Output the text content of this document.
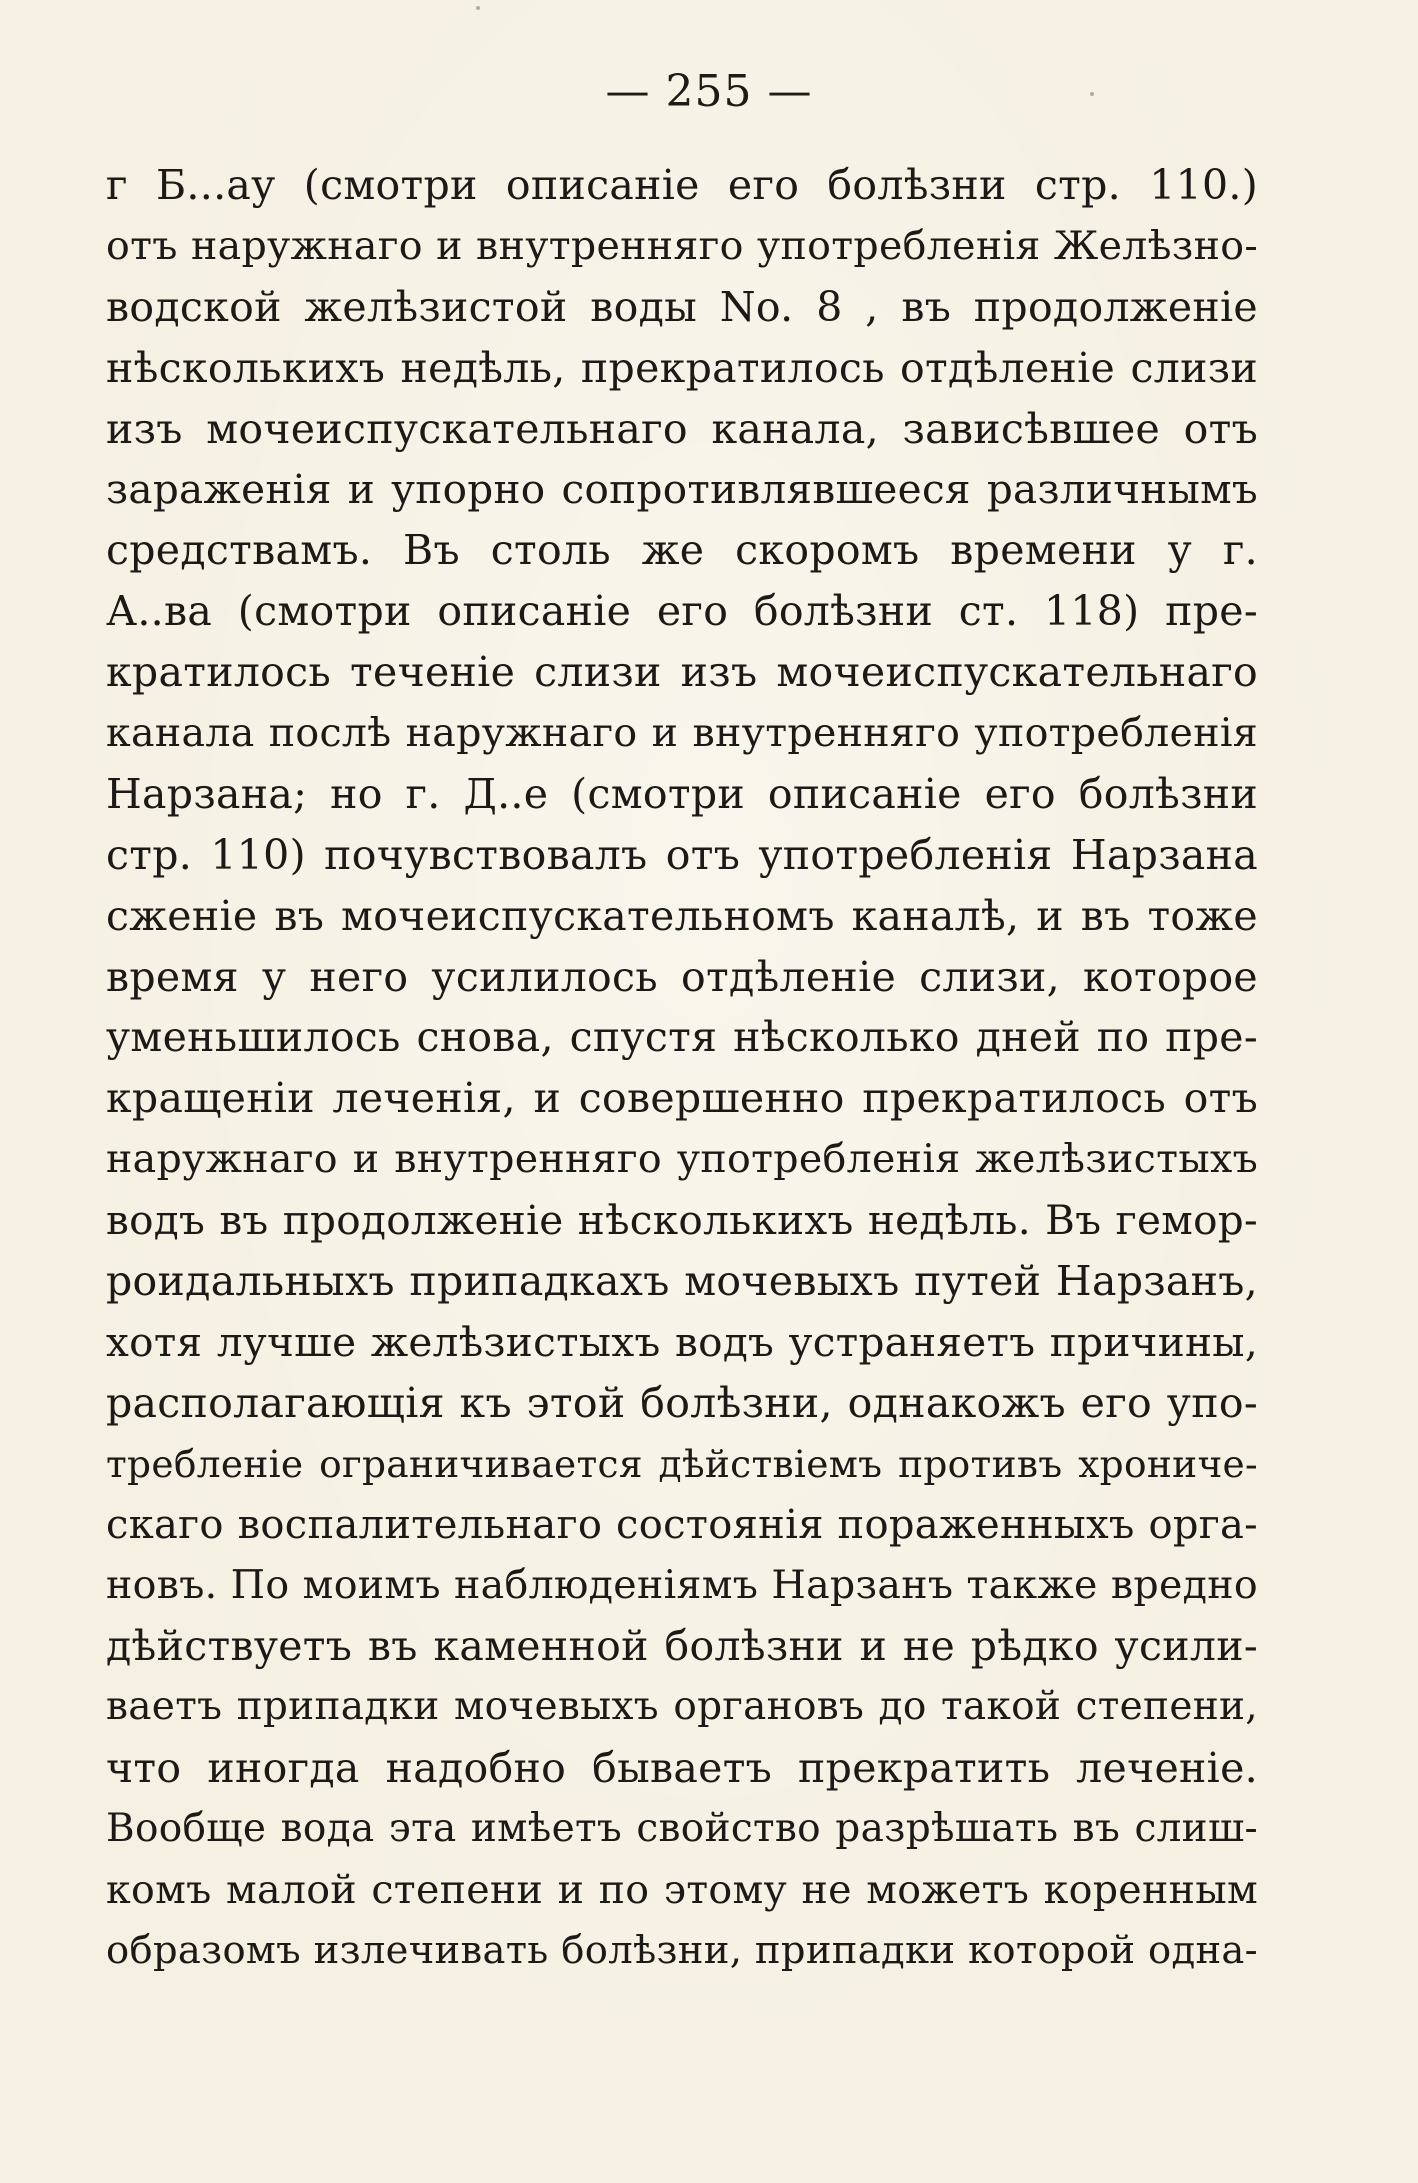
— 255 —
г Б...ау (смотри описаніе его болѣзни стр. 110.)
отъ наружнаго и внутренняго употребленія Желѣзно-
водской желѣзистой воды No. 8 , въ продолженіе
нѣсколькихъ недѣль, прекратилось отдѣленіе слизи
изъ мочеиспускательнаго канала, зависѣвшее отъ
зараженія и упорно сопротивлявшееся различнымъ
средствамъ. Въ столь же скоромъ времени у г.
А..ва (смотри описаніе его болѣзни ст. 118) пре-
кратилось теченіе слизи изъ мочеиспускательнаго
канала послѣ наружнаго и внутренняго употребленія
Нарзана; но г. Д..е (смотри описаніе его болѣзни
стр. 110) почувствовалъ отъ употребленія Нарзана
сженіе въ мочеиспускательномъ каналѣ, и въ тоже
время у него усилилось отдѣленіе слизи, которое
уменьшилось снова, спустя нѣсколько дней по пре-
кращеніи леченія, и совершенно прекратилось отъ
наружнаго и внутренняго употребленія желѣзистыхъ
водъ въ продолженіе нѣсколькихъ недѣль. Въ гемор-
роидальныхъ припадкахъ мочевыхъ путей Нарзанъ,
хотя лучше желѣзистыхъ водъ устраняетъ причины,
располагающія къ этой болѣзни, однакожъ его упо-
требленіе ограничивается дѣйствіемъ противъ хрониче-
скаго воспалительнаго состоянія пораженныхъ орга-
новъ. По моимъ наблюденіямъ Нарзанъ также вредно
дѣйствуетъ въ каменной болѣзни и не рѣдко усили-
ваетъ припадки мочевыхъ органовъ до такой степени,
что иногда надобно бываетъ прекратить леченіе.
Вообще вода эта имѣетъ свойство разрѣшать въ слиш-
комъ малой степени и по этому не можетъ коренным
образомъ излечивать болѣзни, припадки которой одна-
